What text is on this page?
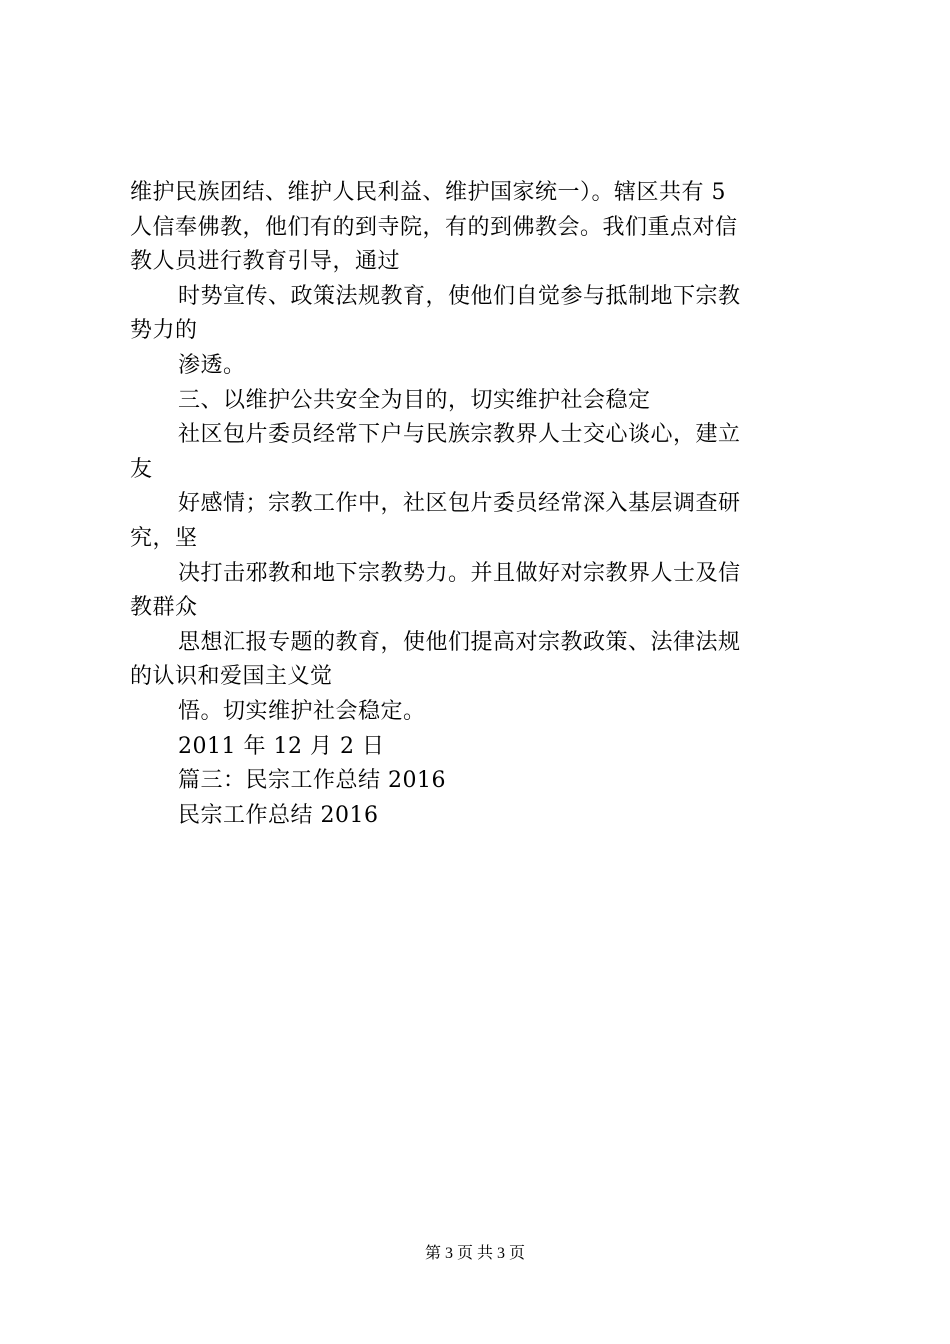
维护民族团结、维护人民利益、维护国家统一）。辖区共有 5
人信奉佛教，他们有的到寺院，有的到佛教会。我们重点对信
教人员进行教育引导，通过
时势宣传、政策法规教育，使他们自觉参与抵制地下宗教
势力的
渗透。
三、以维护公共安全为目的，切实维护社会稳定
社区包片委员经常下户与民族宗教界人士交心谈心，建立
友
好感情；宗教工作中，社区包片委员经常深入基层调查研
究，坚
决打击邪教和地下宗教势力。并且做好对宗教界人士及信
教群众
思想汇报专题的教育，使他们提高对宗教政策、法律法规
的认识和爱国主义觉
悟。切实维护社会稳定。
2011 年 12 月 2 日
篇三：民宗工作总结 2016
民宗工作总结 2016
第 3 页 共 3 页
